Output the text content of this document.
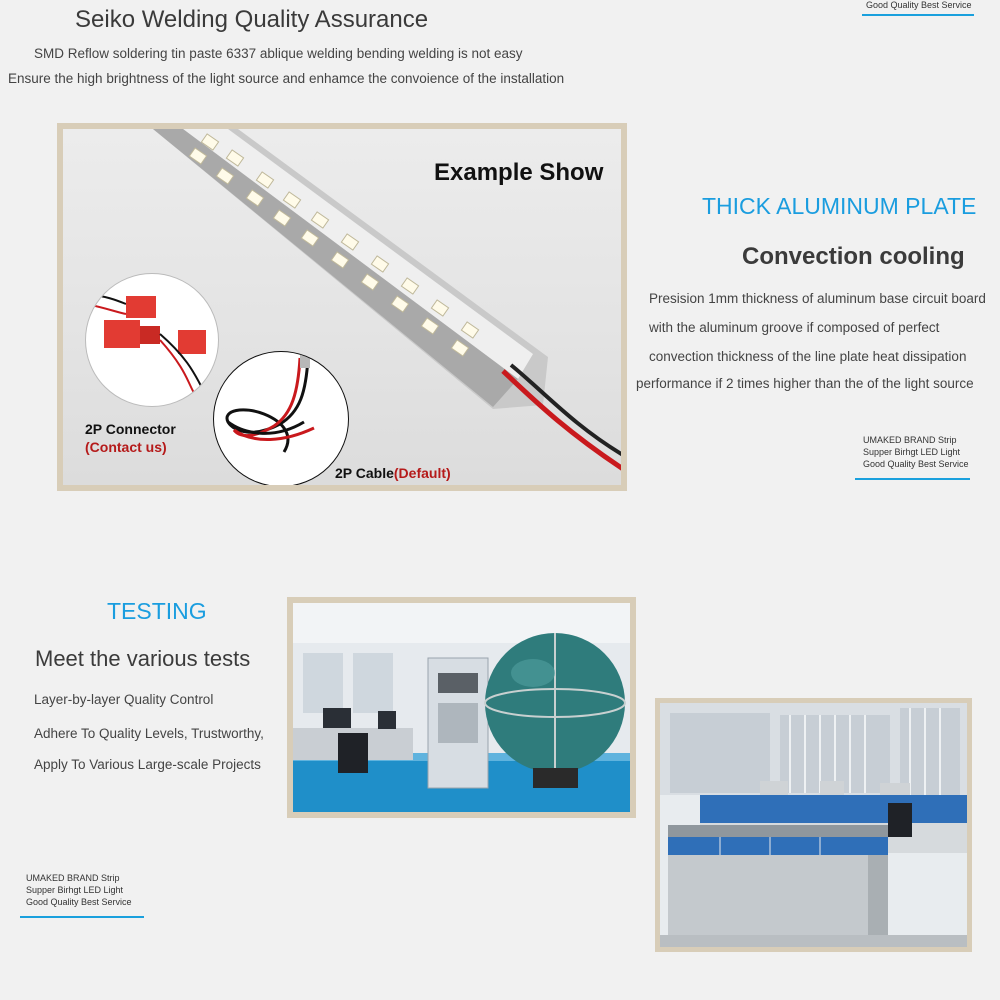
Seiko Welding Quality Assurance
SMD Reflow soldering tin paste 6337 ablique welding bending welding is not easy
Ensure the high brightness of the light source and enhamce the convoience of the installation
Good Quality Best Service
Example Show
2P Connector
(Contact us)
2P Cable(Default)
THICK ALUMINUM PLATE
Convection cooling
Presision 1mm thickness of aluminum base circuit board
with the aluminum groove if composed of perfect
convection thickness of the line plate heat dissipation
performance if 2 times higher than the of the light source
UMAKED BRAND Strip
Supper Birhgt LED Light
Good Quality Best Service
TESTING
Meet the various tests
Layer-by-layer Quality Control
Adhere To Quality Levels, Trustworthy,
Apply To Various Large-scale Projects
UMAKED BRAND Strip
Supper Birhgt LED Light
Good Quality Best Service
